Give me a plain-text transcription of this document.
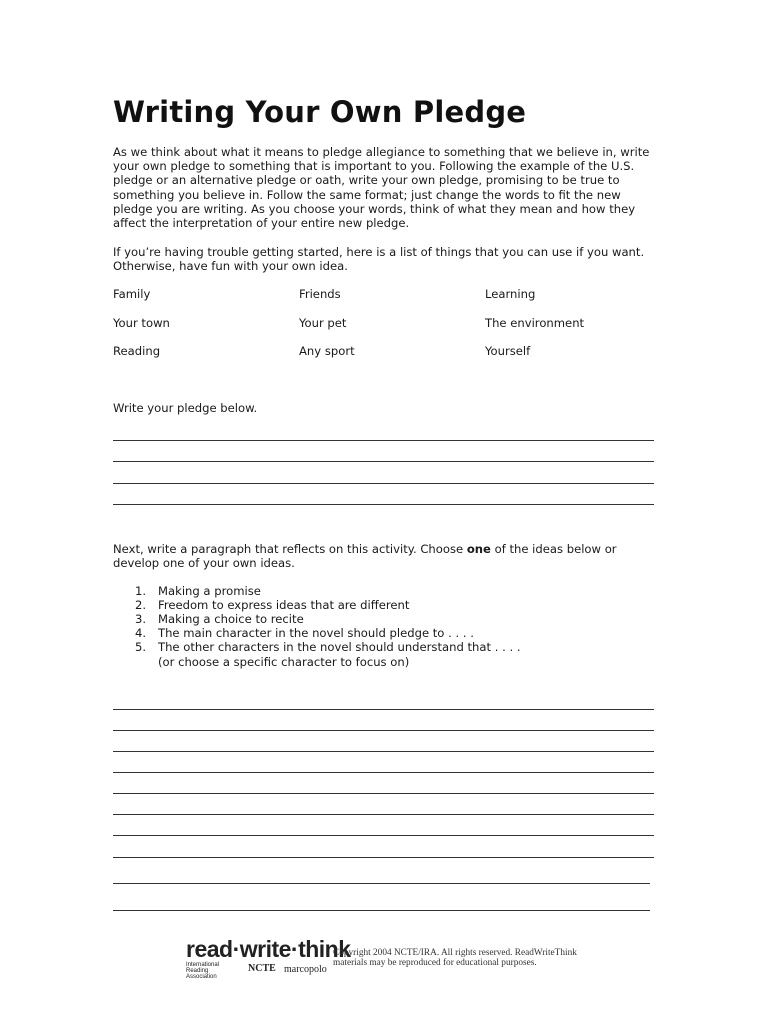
Writing Your Own Pledge

As we think about what it means to pledge allegiance to something that we believe in, write your own pledge to something that is important to you. Following the example of the U.S. pledge or an alternative pledge or oath, write your own pledge, promising to be true to something you believe in. Follow the same format; just change the words to fit the new pledge you are writing. As you choose your words, think of what they mean and how they affect the interpretation of your entire new pledge.

If you’re having trouble getting started, here is a list of things that you can use if you want. Otherwise, have fun with your own idea.

Family	Friends	Learning
Your town	Your pet	The environment
Reading	Any sport	Yourself

Write your pledge below.

Next, write a paragraph that reflects on this activity. Choose one of the ideas below or develop one of your own ideas.

1. Making a promise
2. Freedom to express ideas that are different
3. Making a choice to recite
4. The main character in the novel should pledge to . . . .
5. The other characters in the novel should understand that . . . .
(or choose a specific character to focus on)
read·write·think
International Reading Association
NCTE marcopolo
Copyright 2004 NCTE/IRA. All rights reserved. ReadWriteThink materials may be reproduced for educational purposes.
